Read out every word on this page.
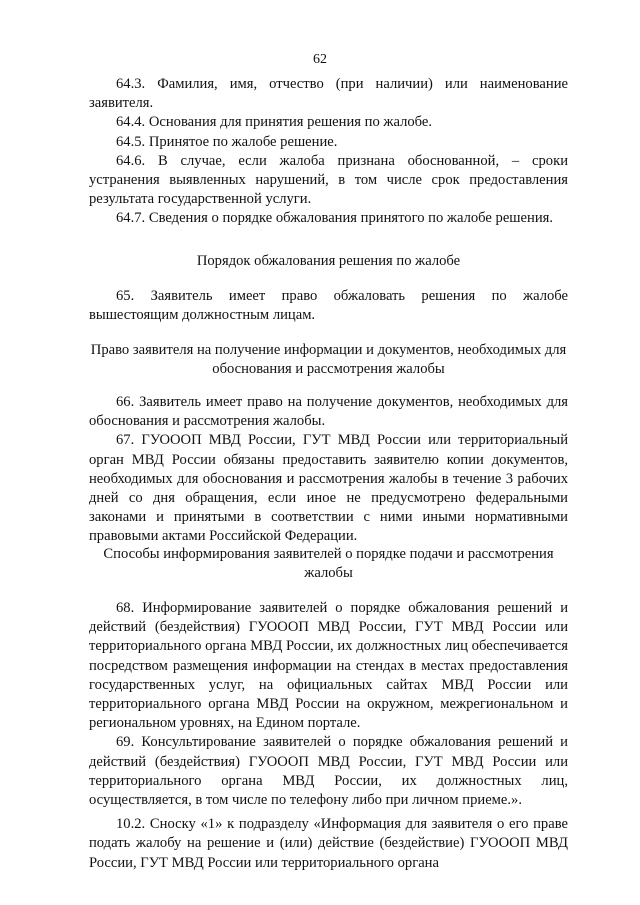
62

64.3. Фамилия, имя, отчество (при наличии) или наименование заявителя.

64.4. Основания для принятия решения по жалобе.

64.5. Принятое по жалобе решение.

64.6. В случае, если жалоба признана обоснованной, – сроки устранения выявленных нарушений, в том числе срок предоставления результата государственной услуги.

64.7. Сведения о порядке обжалования принятого по жалобе решения.

Порядок обжалования решения по жалобе

65. Заявитель имеет право обжаловать решения по жалобе вышестоящим должностным лицам.

Право заявителя на получение информации и документов, необходимых для обоснования и рассмотрения жалобы

66. Заявитель имеет право на получение документов, необходимых для обоснования и рассмотрения жалобы.

67. ГУОООП МВД России, ГУТ МВД России или территориальный орган МВД России обязаны предоставить заявителю копии документов, необходимых для обоснования и рассмотрения жалобы в течение 3 рабочих дней со дня обращения, если иное не предусмотрено федеральными законами и принятыми в соответствии с ними иными нормативными правовыми актами Российской Федерации.

Способы информирования заявителей о порядке подачи и рассмотрения жалобы

68. Информирование заявителей о порядке обжалования решений и действий (бездействия) ГУОООП МВД России, ГУТ МВД России или территориального органа МВД России, их должностных лиц обеспечивается посредством размещения информации на стендах в местах предоставления государственных услуг, на официальных сайтах МВД России или территориального органа МВД России на окружном, межрегиональном и региональном уровнях, на Едином портале.

69. Консультирование заявителей о порядке обжалования решений и действий (бездействия) ГУОООП МВД России, ГУТ МВД России или территориального органа МВД России, их должностных лиц, осуществляется, в том числе по телефону либо при личном приеме.».

10.2. Сноску «1» к подразделу «Информация для заявителя о его праве подать жалобу на решение и (или) действие (бездействие) ГУОООП МВД России, ГУТ МВД России или территориального органа
